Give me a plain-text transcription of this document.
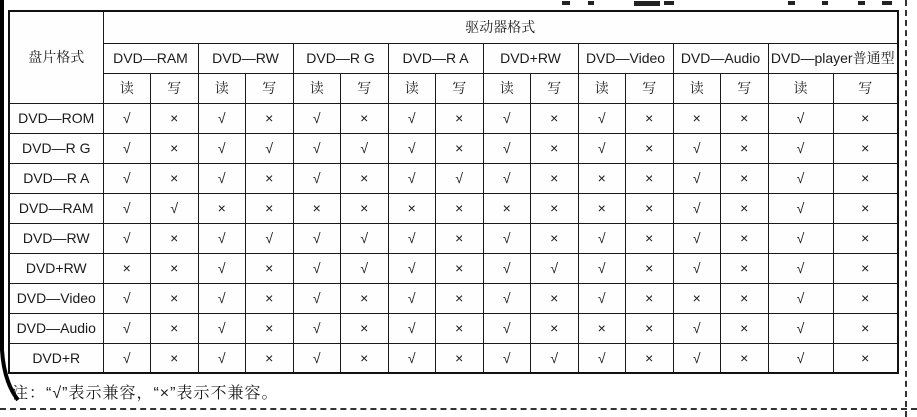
盘片格式	驱动器格式															
	DVD—RAM		DVD—RW		DVD—R G		DVD—R A		DVD+RW		DVD—Video		DVD—Audio		DVD—player普通型	
	读	写	读	写	读	写	读	写	读	写	读	写	读	写	读	写
DVD—ROM	√	×	√	×	√	×	√	×	√	×	√	×	×	×	√	×
DVD—R G	√	×	√	√	√	√	√	×	√	×	√	×	√	×	√	×
DVD—R A	√	×	√	×	√	×	√	√	√	×	×	×	√	×	√	×
DVD—RAM	√	√	×	×	×	×	×	×	×	×	×	×	√	×	√	×
DVD—RW	√	×	√	√	√	√	√	×	√	×	√	×	√	×	√	×
DVD+RW	×	×	√	×	√	√	√	×	√	√	√	×	√	×	√	×
DVD—Video	√	×	√	×	√	×	√	×	√	×	√	×	×	×	√	×
DVD—Audio	√	×	√	×	√	×	√	×	√	×	×	×	√	×	√	×
DVD+R	√	×	√	×	√	×	√	×	√	√	√	×	√	×	√	×
注：“√”表示兼容，“×”表示不兼容。
